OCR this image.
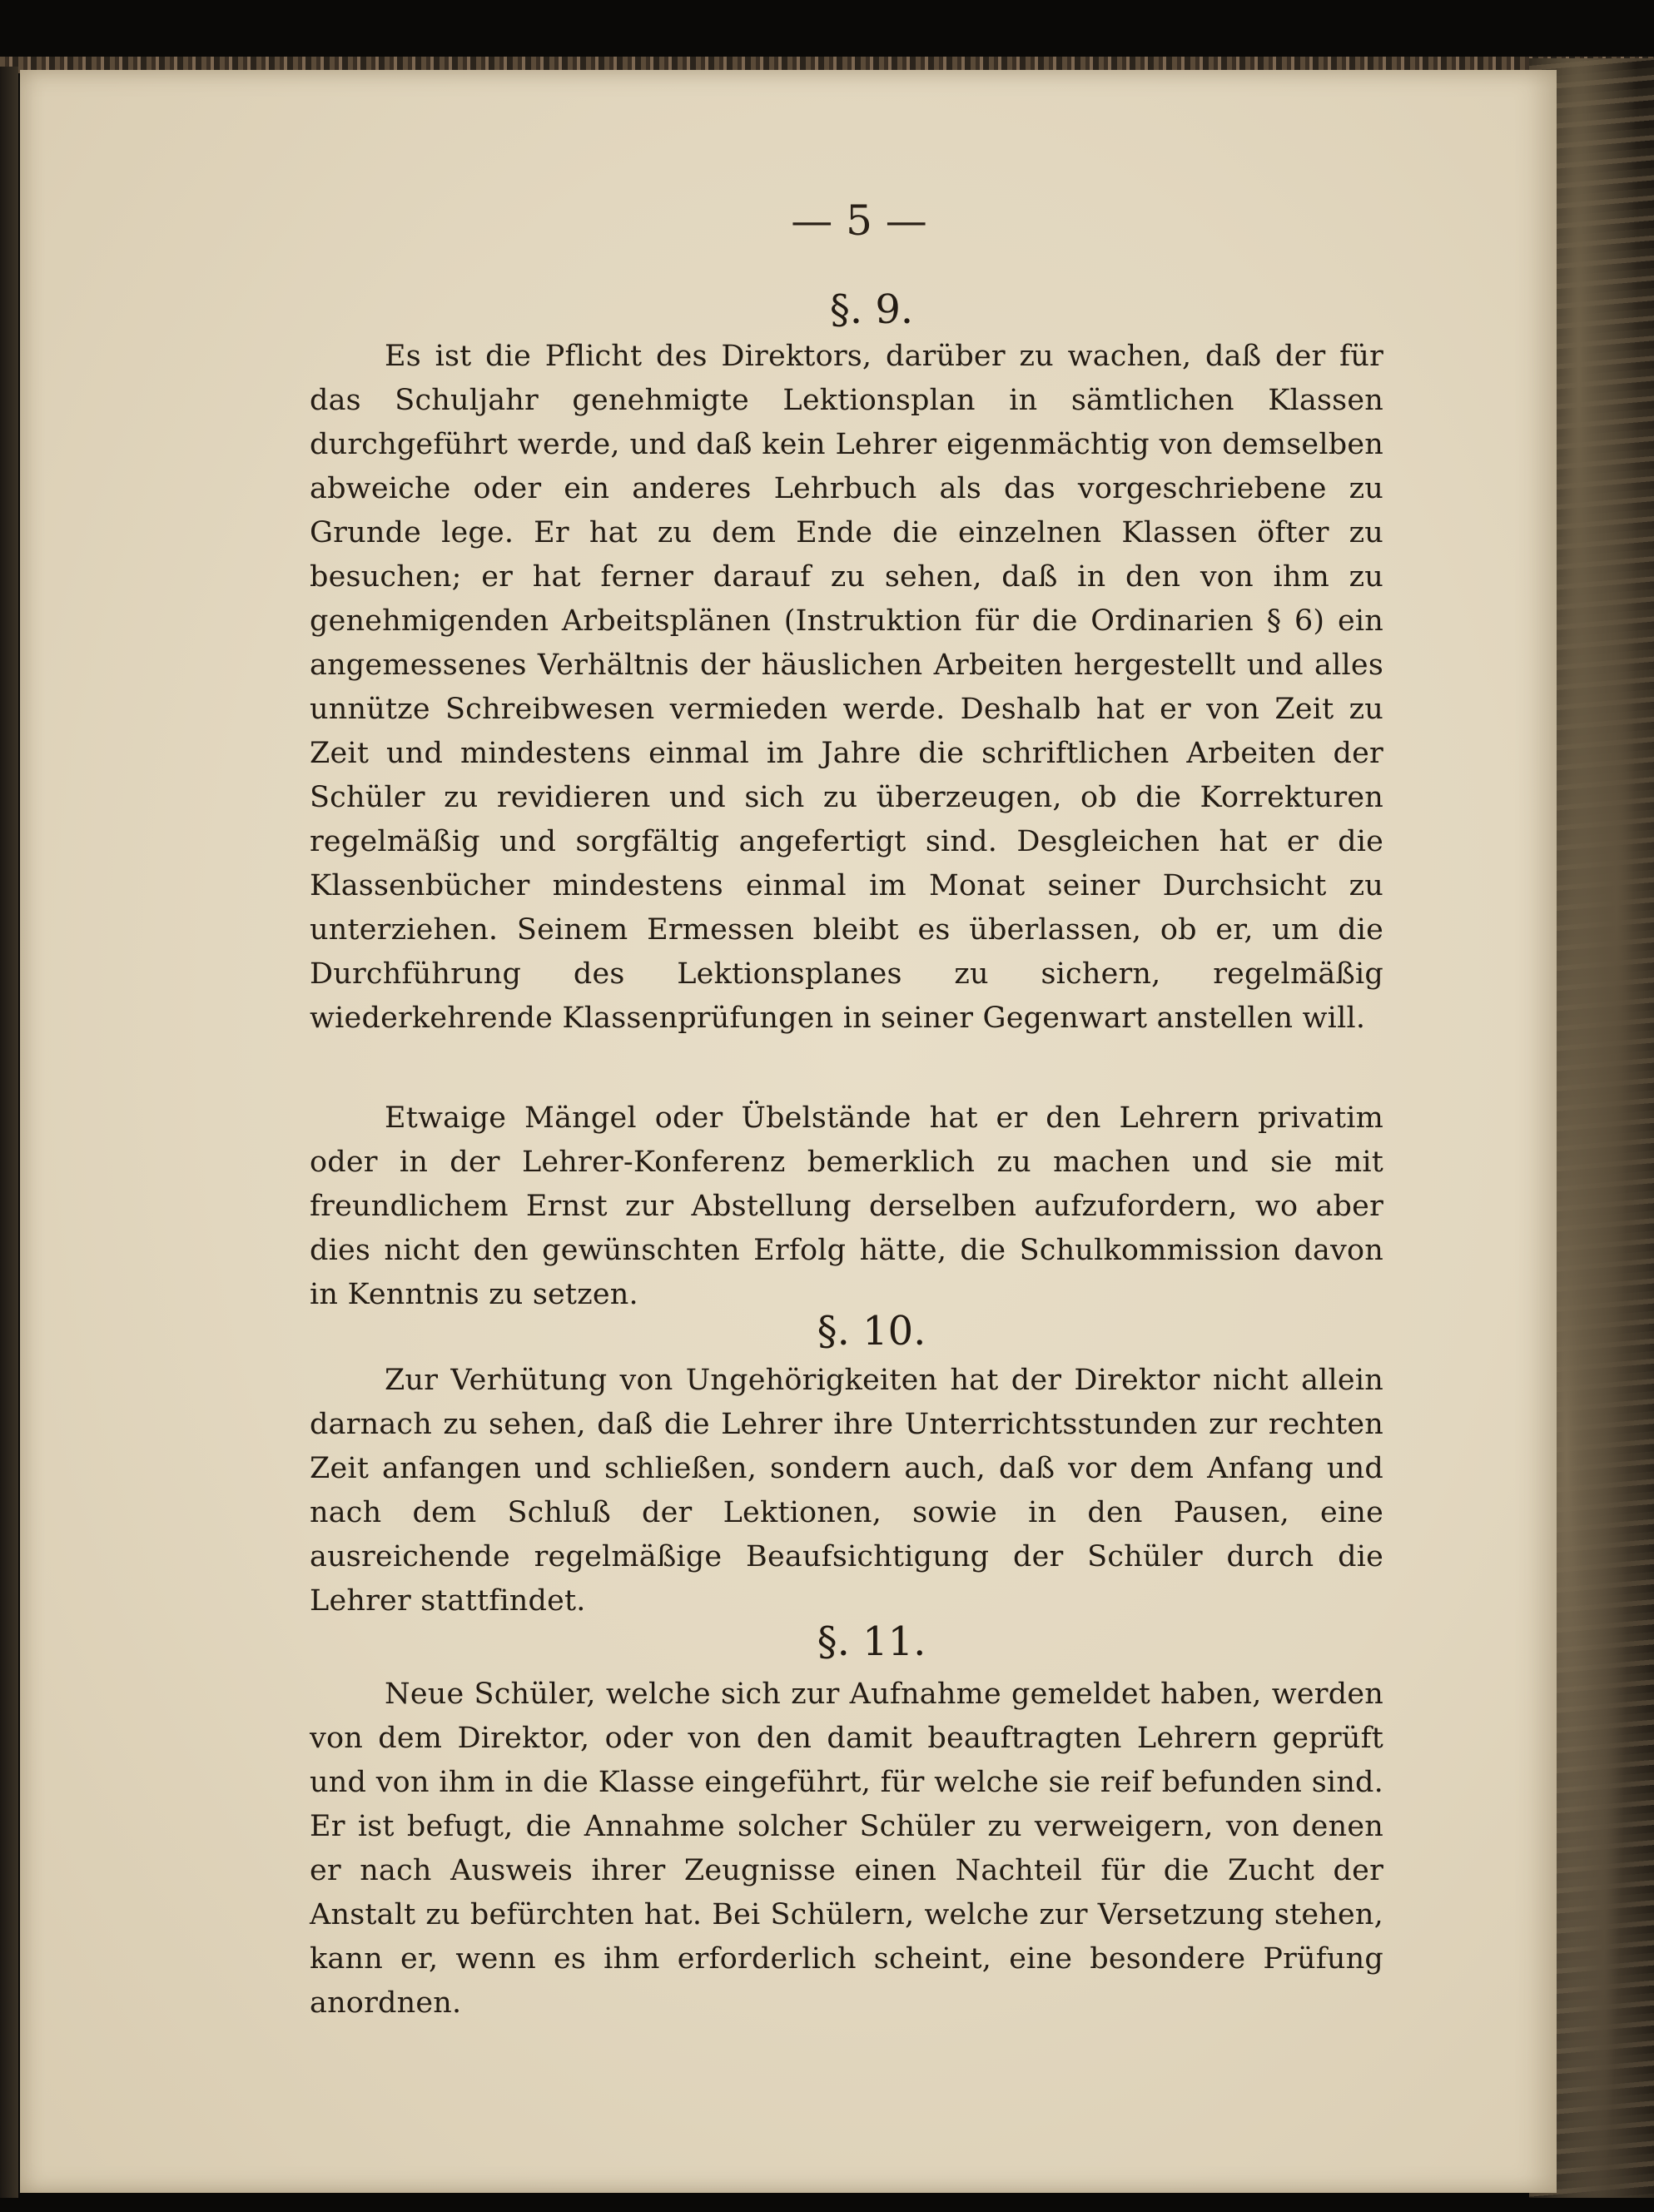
— 5 —
§. 9.

Es ist die Pflicht des Direktors, darüber zu wachen, daß der für das Schuljahr genehmigte Lektionsplan in sämtlichen Klassen durchgeführt werde, und daß kein Lehrer eigenmächtig von demselben abweiche oder ein anderes Lehrbuch als das vorgeschriebene zu Grunde lege. Er hat zu dem Ende die einzelnen Klassen öfter zu besuchen; er hat ferner darauf zu sehen, daß in den von ihm zu genehmigenden Arbeitsplänen (Instruktion für die Ordinarien § 6) ein angemessenes Verhältnis der häuslichen Arbeiten hergestellt und alles unnütze Schreibwesen vermieden werde. Deshalb hat er von Zeit zu Zeit und mindestens einmal im Jahre die schriftlichen Arbeiten der Schüler zu revidieren und sich zu überzeugen, ob die Korrekturen regelmäßig und sorgfältig angefertigt sind. Desgleichen hat er die Klassenbücher mindestens einmal im Monat seiner Durchsicht zu unterziehen. Seinem Ermessen bleibt es überlassen, ob er, um die Durchführung des Lektionsplanes zu sichern, regelmäßig wiederkehrende Klassenprüfungen in seiner Gegenwart anstellen will.

Etwaige Mängel oder Übelstände hat er den Lehrern privatim oder in der Lehrer-Konferenz bemerklich zu machen und sie mit freundlichem Ernst zur Abstellung derselben aufzufordern, wo aber dies nicht den gewünschten Erfolg hätte, die Schulkommission davon in Kenntnis zu setzen.

§. 10.

Zur Verhütung von Ungehörigkeiten hat der Direktor nicht allein darnach zu sehen, daß die Lehrer ihre Unterrichtsstunden zur rechten Zeit anfangen und schließen, sondern auch, daß vor dem Anfang und nach dem Schluß der Lektionen, sowie in den Pausen, eine ausreichende regelmäßige Beaufsichtigung der Schüler durch die Lehrer stattfindet.

§. 11.

Neue Schüler, welche sich zur Aufnahme gemeldet haben, werden von dem Direktor, oder von den damit beauftragten Lehrern geprüft und von ihm in die Klasse eingeführt, für welche sie reif befunden sind. Er ist befugt, die Annahme solcher Schüler zu verweigern, von denen er nach Ausweis ihrer Zeugnisse einen Nachteil für die Zucht der Anstalt zu befürchten hat. Bei Schülern, welche zur Versetzung stehen, kann er, wenn es ihm erforderlich scheint, eine besondere Prüfung anordnen.
